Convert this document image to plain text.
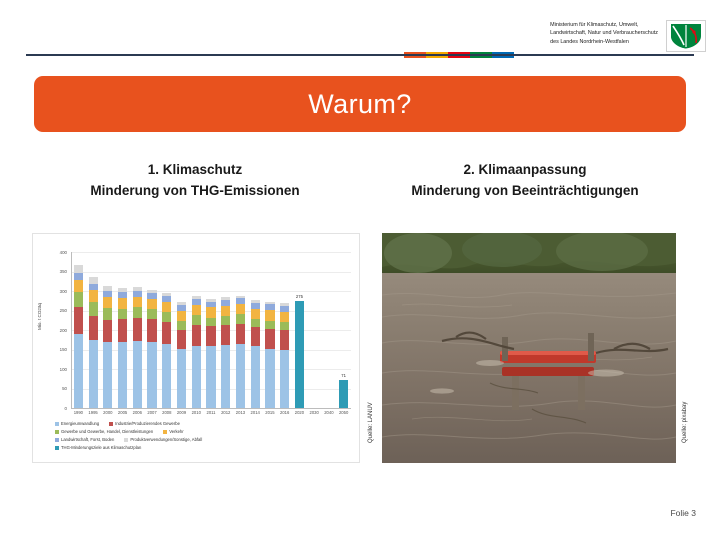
Ministerium für Klimaschutz, Umwelt,
Landwirtschaft, Natur und Verbraucherschutz
des Landes Nordrhein-Westfalen
Warum?
1. Klimaschutz
Minderung von THG-Emissionen
2. Klimaanpassung
Minderung von Beeinträchtigungen
Mio. t CO2äq
0
50
100
150
200
250
300
350
400
1990	1995	2000	2005	2006	2007	2008	2009	2010	2011	2012	2013	2014	2015	2016	2020	2030	2040	2050
-25 % ggü. 1990	-80 % ggü. 1990
275
71
Energieumwandlung	Industrie/Produzierendes Gewerbe
Gewerbe und Gewerbe, Handel, Dienstleistungen	Verkehr
Landwirtschaft, Forst, Boden	Produktverwendungen/Sonstige, Abfall
THG-Minderungsziele aus Klimaschutzplan
Quelle: LANUV	Quelle: pixabay
Folie 3
